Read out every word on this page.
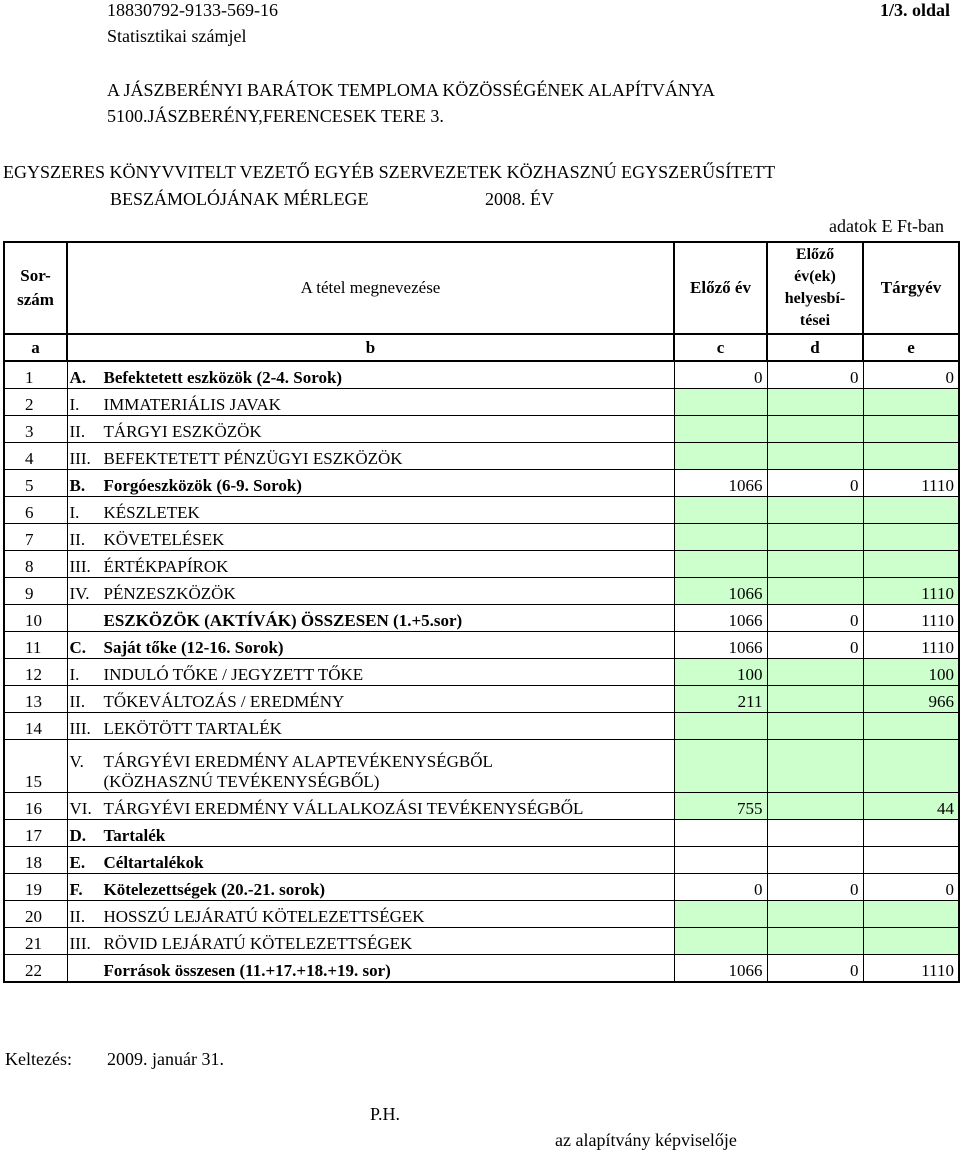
18830792-9133-569-16	1/3. oldal
Statisztikai számjel
A JÁSZBERÉNYI BARÁTOK TEMPLOMA KÖZÖSSÉGÉNEK ALAPÍTVÁNYA
5100.JÁSZBERÉNY,FERENCESEK TERE 3.
EGYSZERES KÖNYVVITELT VEZETŐ EGYÉB SZERVEZETEK KÖZHASZNÚ EGYSZERŰSÍTETT
BESZÁMOLÓJÁNAK MÉRLEGE	2008. ÉV
adatok E Ft-ban
Sor-
szám	A tétel megnevezése	Előző év	Előző
év(ek)
helyesbí-
tései	Tárgyév
a	b	c	d	e
1	A. Befektetett eszközök (2-4. Sorok)	0	0	0
2	I. IMMATERIÁLIS JAVAK			

3	II. TÁRGYI ESZKÖZÖK			

4	III. BEFEKTETETT PÉNZÜGYI ESZKÖZÖK			

5	B. Forgóeszközök (6-9. Sorok)	1066	0	1110
6	I. KÉSZLETEK			

7	II. KÖVETELÉSEK			

8	III. ÉRTÉKPAPÍROK			

9	IV. PÉNZESZKÖZÖK	1066		1110
10	ESZKÖZÖK (AKTÍVÁK) ÖSSZESEN (1.+5.sor)	1066	0	1110
11	C. Saját tőke (12-16. Sorok)	1066	0	1110
12	I. INDULÓ TŐKE / JEGYZETT TŐKE	100		100
13	II. TŐKEVÁLTOZÁS / EREDMÉNY	211		966
14	III. LEKÖTÖTT TARTALÉK			

15	V. TÁRGYÉVI EREDMÉNY ALAPTEVÉKENYSÉGBŐL
(KÖZHASZNÚ TEVÉKENYSÉGBŐL)			

16	VI. TÁRGYÉVI EREDMÉNY VÁLLALKOZÁSI TEVÉKENYSÉGBŐL	755		44
17	D. Tartalék			

18	E. Céltartalékok			

19	F. Kötelezettségek (20.-21. sorok)	0	0	0
20	II. HOSSZÚ LEJÁRATÚ KÖTELEZETTSÉGEK			

21	III. RÖVID LEJÁRATÚ KÖTELEZETTSÉGEK			

22	Források összesen (11.+17.+18.+19. sor)	1066	0	1110
Keltezés: 2009. január 31.
P.H.
az alapítvány képviselője
